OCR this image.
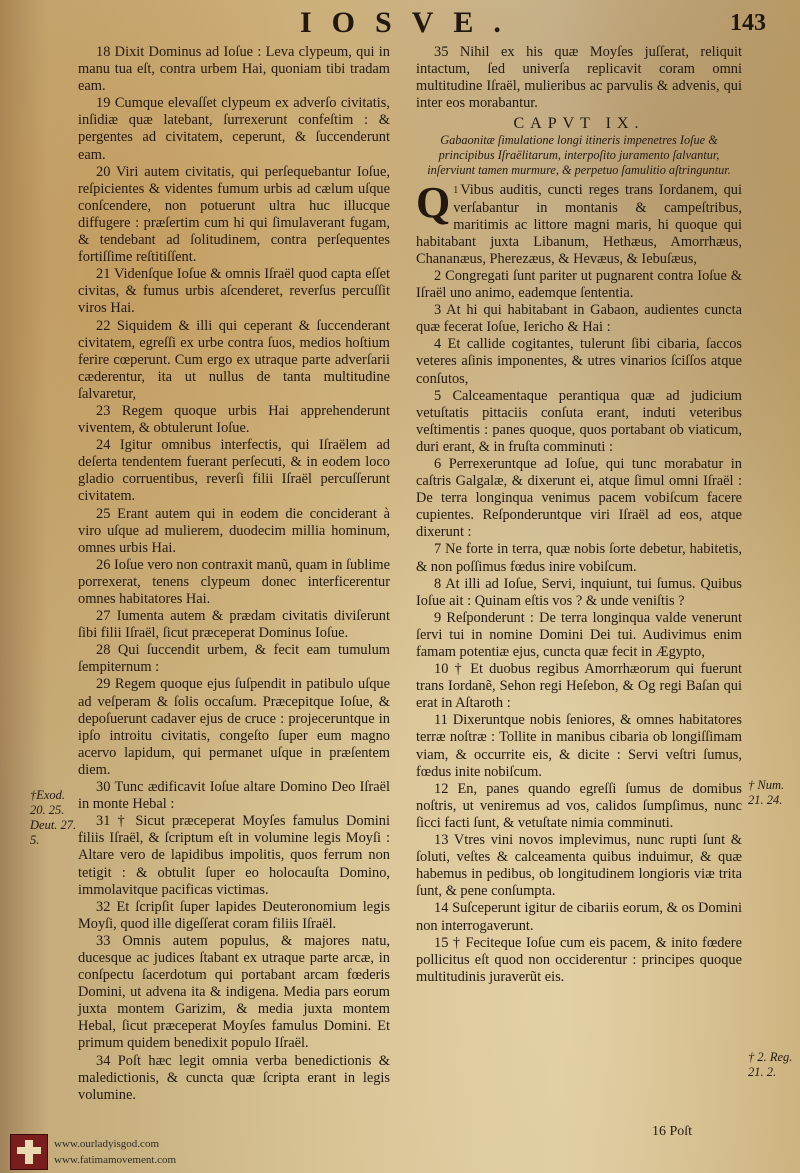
IOSVE.	143

18 Dixit Dominus ad Ioſue : Leva clypeum, qui in manu tua eſt, contra urbem Hai, quoniam tibi tradam eam.

19 Cumque elevaſſet clypeum ex adverſo civitatis, inſidiæ quæ latebant, ſurrexerunt confeſtim : & pergentes ad civitatem, ceperunt, & ſuccenderunt eam.

20 Viri autem civitatis, qui perſequebantur Ioſue, reſpicientes & videntes fumum urbis ad cælum uſque conſcendere, non potuerunt ultra huc illucque diffugere : præſertim cum hi qui ſimulaverant fugam, & tendebant ad ſolitudinem, contra perſequentes fortiſſime reſtitiſſent.

21 Videnſque Ioſue & omnis Iſraël quod capta eſſet civitas, & fumus urbis aſcenderet, reverſus percuſſit viros Hai.

22 Siquidem & illi qui ceperant & ſuccenderant civitatem, egreſſi ex urbe contra ſuos, medios hoſtium ferire cœperunt. Cum ergo ex utraque parte adverſarii cæderentur, ita ut nullus de tanta multitudine ſalvaretur,

23 Regem quoque urbis Hai apprehenderunt viventem, & obtulerunt Ioſue.

24 Igitur omnibus interfectis, qui Iſraëlem ad deſerta tendentem fuerant perſecuti, & in eodem loco gladio corruentibus, reverſi filii Iſraël percuſſerunt civitatem.

25 Erant autem qui in eodem die conciderant à viro uſque ad mulierem, duodecim millia hominum, omnes urbis Hai.

26 Ioſue vero non contraxit manũ, quam in ſublime porrexerat, tenens clypeum donec interficerentur omnes habitatores Hai.

27 Iumenta autem & prædam civitatis diviſerunt ſibi filii Iſraël, ſicut præceperat Dominus Ioſue.

28 Qui ſuccendit urbem, & fecit eam tumulum ſempiternum :

29 Regem quoque ejus ſuſpendit in patibulo uſque ad veſperam & ſolis occaſum. Præcepitque Ioſue, & depoſuerunt cadaver ejus de cruce : projeceruntque in ipſo introitu civitatis, congeſto ſuper eum magno acervo lapidum, qui permanet uſque in præſentem diem.

30 Tunc ædificavit Ioſue altare Domino Deo Iſraël in monte Hebal :

31 † Sicut præceperat Moyſes famulus Domini filiis Iſraël, & ſcriptum eſt in volumine legis Moyſi : Altare vero de lapidibus impolitis, quos ferrum non tetigit : & obtulit ſuper eo holocauſta Domino, immolavitque pacificas victimas.

32 Et ſcripſit ſuper lapides Deuteronomium legis Moyſi, quod ille digeſſerat coram filiis Iſraël.

33 Omnis autem populus, & majores natu, ducesque ac judices ſtabant ex utraque parte arcæ, in conſpectu ſacerdotum qui portabant arcam fœderis Domini, ut advena ita & indigena. Media pars eorum juxta montem Garizim, & media juxta montem Hebal, ſicut præceperat Moyſes famulus Domini. Et primum quidem benedixit populo Iſraël.

34 Poſt hæc legit omnia verba benedictionis & maledictionis, & cuncta quæ ſcripta erant in legis volumine.

35 Nihil ex his quæ Moyſes juſſerat, reliquit intactum, ſed univerſa replicavit coram omni multitudine Iſraël, mulieribus ac parvulis & advenis, qui inter eos morabantur.

CAPVT IX.
Gabaonitæ ſimulatione longi itineris impenetres Ioſue & principibus Iſraëlitarum, interpoſito juramento ſalvantur, inſerviunt tamen murmure, & perpetuo ſamulitio aſtringuntur.

$^1$
Q Vibus auditis, cuncti reges trans Iordanem, qui verſabantur in montanis & campeſtribus, maritimis ac littore magni maris, hi quoque qui habitabant juxta Libanum, Hethæus, Amorrhæus, Chananæus, Pherezæus, & Hevæus, & Iebuſæus,

2 Congregati ſunt pariter ut pugnarent contra Ioſue & Iſraël uno animo, eademque ſententia.

3 At hi qui habitabant in Gabaon, audientes cuncta quæ fecerat Ioſue, Iericho & Hai :

4 Et callide cogitantes, tulerunt ſibi cibaria, ſaccos veteres aſinis imponentes, & utres vinarios ſciſſos atque conſutos,

5 Calceamentaque perantiqua quæ ad judicium vetuſtatis pittaciis conſuta erant, induti veteribus veſtimentis : panes quoque, quos portabant ob viaticum, duri erant, & in fruſta comminuti :

6 Perrexeruntque ad Ioſue, qui tunc morabatur in caſtris Galgalæ, & dixerunt ei, atque ſimul omni Iſraël : De terra longinqua venimus pacem vobiſcum facere cupientes. Reſponderuntque viri Iſraël ad eos, atque dixerunt :

7 Ne forte in terra, quæ nobis ſorte debetur, habitetis, & non poſſimus fœdus inire vobiſcum.

8 At illi ad Ioſue, Servi, inquiunt, tui ſumus. Quibus Ioſue ait : Quinam eſtis vos ? & unde veniſtis ?

9 Reſponderunt : De terra longinqua valde venerunt ſervi tui in nomine Domini Dei tui. Audivimus enim famam potentiæ ejus, cuncta quæ fecit in Ægypto,

10 † Et duobus regibus Amorrhæorum qui fuerunt trans Iordanẽ, Sehon regi Heſebon, & Og regi Baſan qui erat in Aſtaroth :

11 Dixeruntque nobis ſeniores, & omnes habitatores terræ noſtræ : Tollite in manibus cibaria ob longiſſimam viam, & occurrite eis, & dicite : Servi veſtri ſumus, fœdus inite nobiſcum.

12 En, panes quando egreſſi ſumus de domibus noſtris, ut veniremus ad vos, calidos ſumpſimus, nunc ſicci facti ſunt, & vetuſtate nimia comminuti.

13 Vtres vini novos implevimus, nunc rupti ſunt & ſoluti, veſtes & calceamenta quibus induimur, & quæ habemus in pedibus, ob longitudinem longioris viæ trita ſunt, & pene conſumpta.

14 Suſceperunt igitur de cibariis eorum, & os Domini non interrogaverunt.

15 † Feciteque Ioſue cum eis pacem, & inito fœdere pollicitus eſt quod non occiderentur : principes quoque multitudinis juraverũt eis.

†Exod. 20. 25. Deut. 27. 5.
† Num. 21. 24.
† 2. Reg. 21. 2.
16 Poſt
www.ourladyisgod.com
www.fatimamovement.com
